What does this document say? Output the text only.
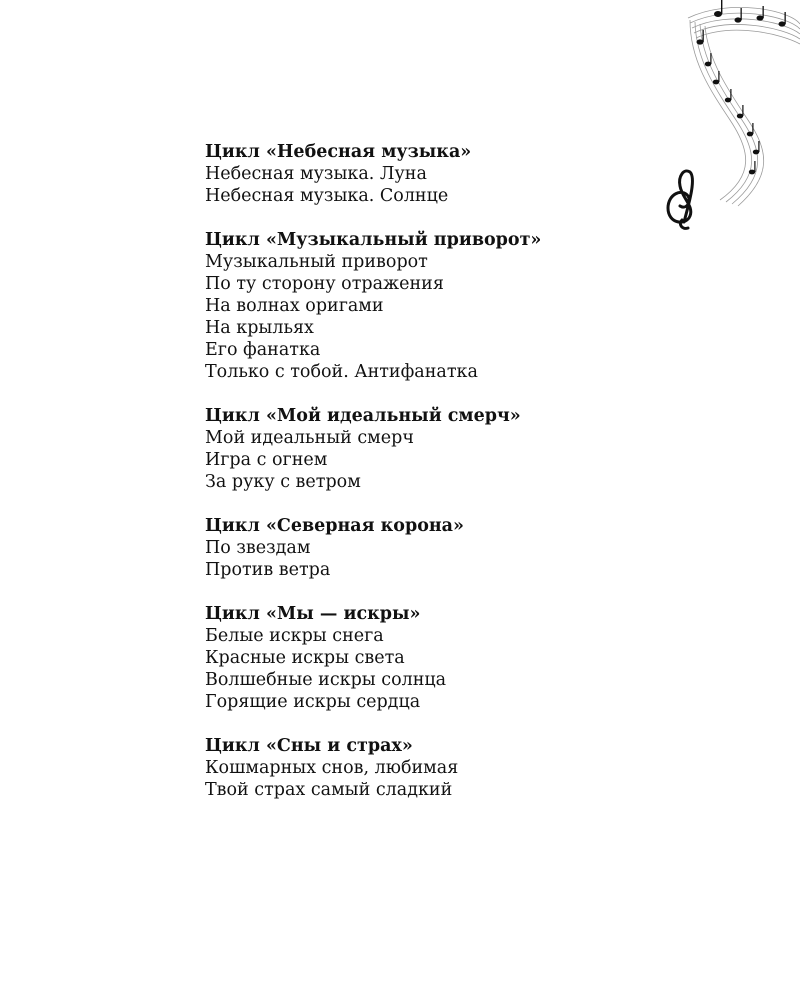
Цикл «Небесная музыка»
Небесная музыка. Луна
Небесная музыка. Солнце
Цикл «Музыкальный приворот»
Музыкальный приворот
По ту сторону отражения
На волнах оригами
На крыльях
Его фанатка
Только с тобой. Антифанатка
Цикл «Мой идеальный смерч»
Мой идеальный смерч
Игра с огнем
За руку с ветром
Цикл «Северная корона»
По звездам
Против ветра
Цикл «Мы — искры»
Белые искры снега
Красные искры света
Волшебные искры солнца
Горящие искры сердца
Цикл «Сны и страх»
Кошмарных снов, любимая
Твой страх самый сладкий
